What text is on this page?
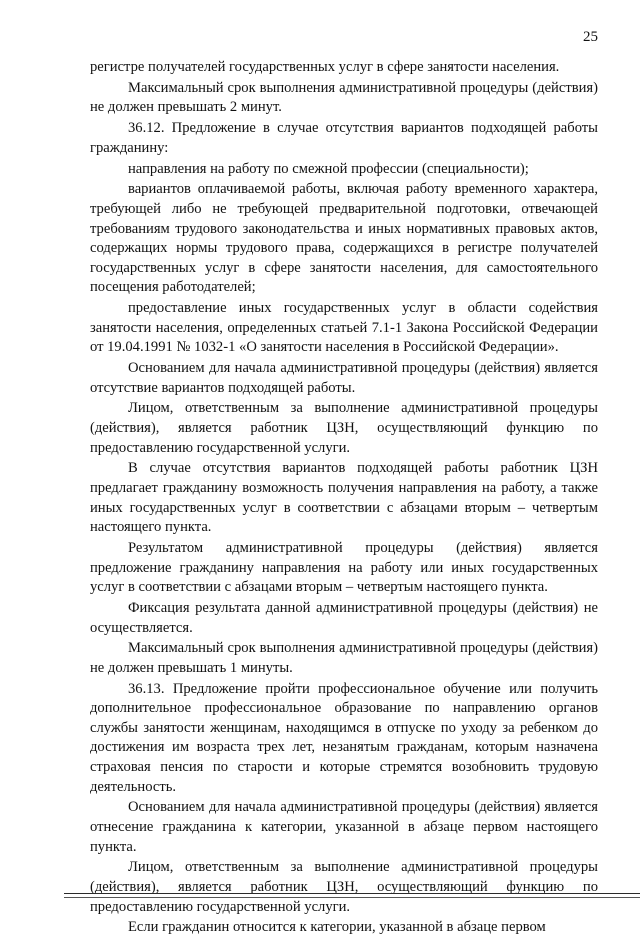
25

регистре получателей государственных услуг в сфере занятости населения.

Максимальный срок выполнения административной процедуры (действия) не должен превышать 2 минут.

36.12. Предложение в случае отсутствия вариантов подходящей работы гражданину:

направления на работу по смежной профессии (специальности);

вариантов оплачиваемой работы, включая работу временного характера, требующей либо не требующей предварительной подготовки, отвечающей требованиям трудового законодательства и иных нормативных правовых актов, содержащих нормы трудового права, содержащихся в регистре получателей государственных услуг в сфере занятости населения, для самостоятельного посещения работодателей;

предоставление иных государственных услуг в области содействия занятости населения, определенных статьей 7.1-1 Закона Российской Федерации от 19.04.1991 № 1032-1 «О занятости населения в Российской Федерации».

Основанием для начала административной процедуры (действия) является отсутствие вариантов подходящей работы.

Лицом, ответственным за выполнение административной процедуры (действия), является работник ЦЗН, осуществляющий функцию по предоставлению государственной услуги.

В случае отсутствия вариантов подходящей работы работник ЦЗН предлагает гражданину возможность получения направления на работу, а также иных государственных услуг в соответствии с абзацами вторым – четвертым настоящего пункта.

Результатом административной процедуры (действия) является предложение гражданину направления на работу или иных государственных услуг в соответствии с абзацами вторым – четвертым настоящего пункта.

Фиксация результата данной административной процедуры (действия) не осуществляется.

Максимальный срок выполнения административной процедуры (действия) не должен превышать 1 минуты.

36.13. Предложение пройти профессиональное обучение или получить дополнительное профессиональное образование по направлению органов службы занятости женщинам, находящимся в отпуске по уходу за ребенком до достижения им возраста трех лет, незанятым гражданам, которым назначена страховая пенсия по старости и которые стремятся возобновить трудовую деятельность.

Основанием для начала административной процедуры (действия) является отнесение гражданина к категории, указанной в абзаце первом настоящего пункта.

Лицом, ответственным за выполнение административной процедуры (действия), является работник ЦЗН, осуществляющий функцию по предоставлению государственной услуги.

Если гражданин относится к категории, указанной в абзаце первом
